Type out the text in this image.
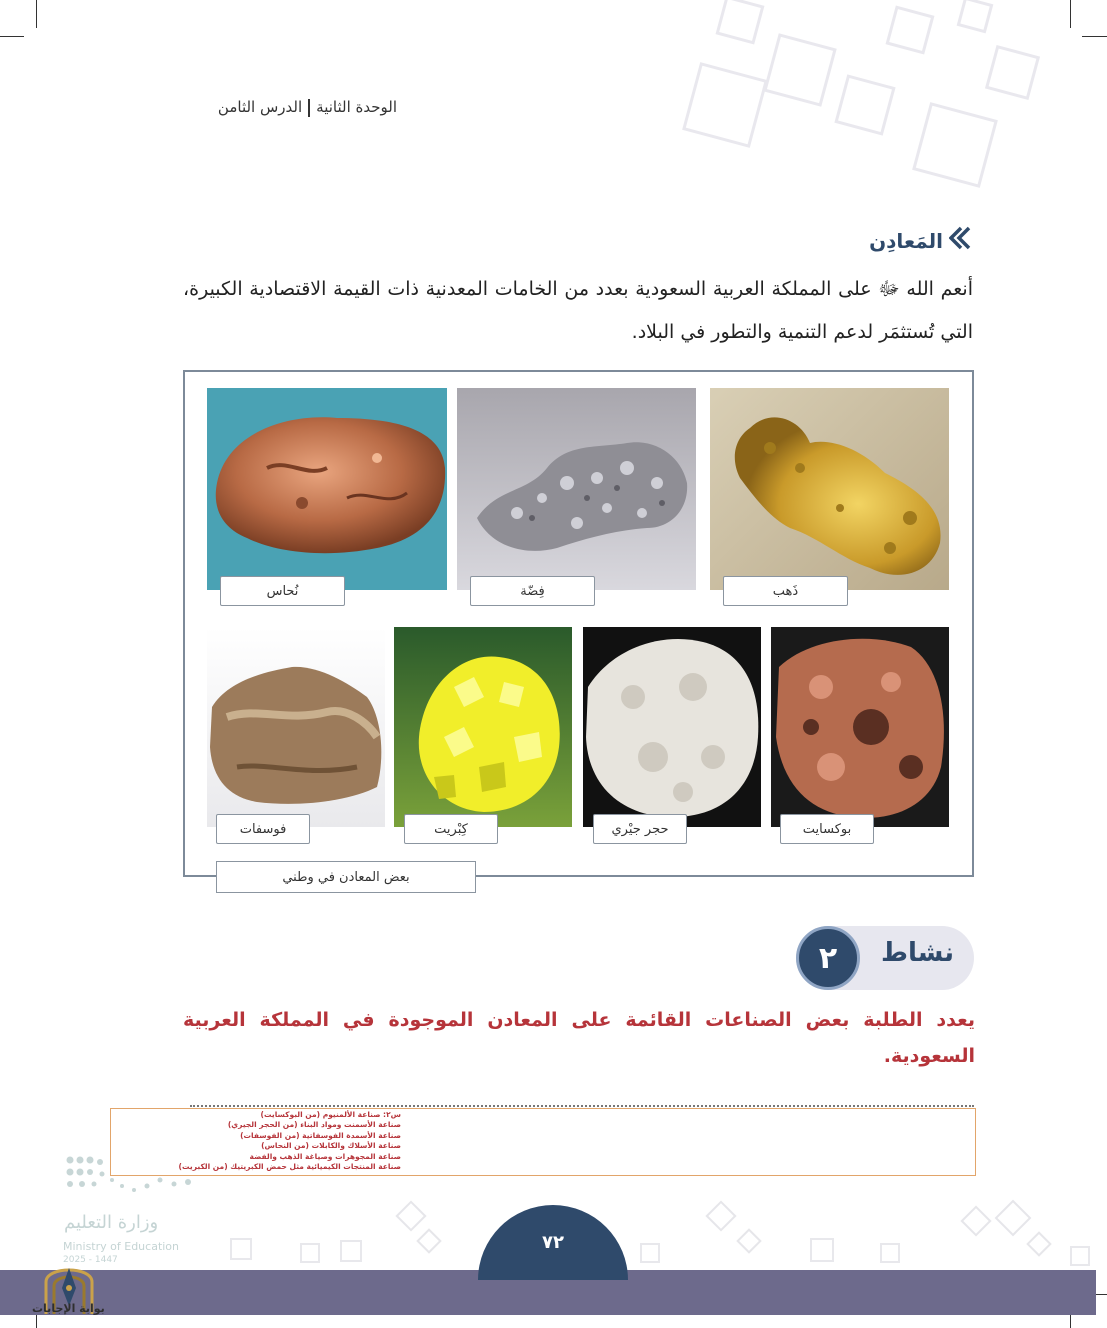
الوحدة الثانيةالدرس الثامن
المَعادِن

أنعم الله ﷻ على المملكة العربية السعودية بعدد من الخامات المعدنية ذات القيمة الاقتصادية الكبيرة، التي تُستثمَر لدعم التنمية والتطور في البلاد.

نُحاس	فِضّة	ذَهب
فوسفات	كِبْريت	حجر جيْري	بوكسايت
بعض المعادن في وطني
نشاط
٢

يعدد الطلبة بعض الصناعات القائمة على المعادن الموجودة في المملكة العربية السعودية.

س٢: صناعة الألمنيوم (من البوكسايت)
صناعة الأسمنت ومواد البناء (من الحجر الجيري)
صناعة الأسمدة الفوسفاتية (من الفوسفات)
صناعة الأسلاك والكابلات (من النحاس)
صناعة المجوهرات وصياغة الذهب والفضة
صناعة المنتجات الكيميائية مثل حمض الكبريتيك (من الكبريت)
وزارة التعليم
Ministry of Education
2025 - 1447
٧٢
بوابة الإجابات
